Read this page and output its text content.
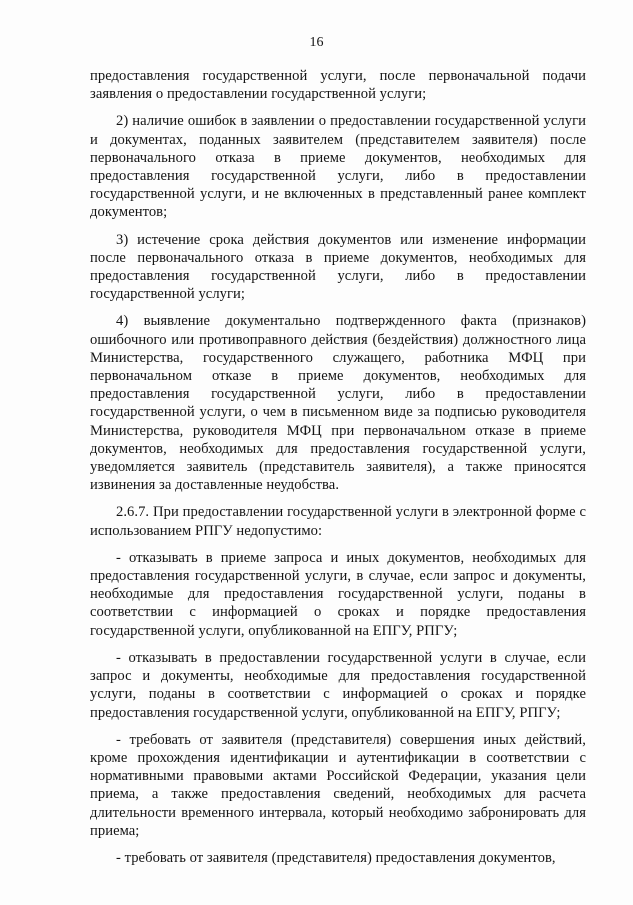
16

предоставления государственной услуги, после первоначальной подачи заявления о предоставлении государственной услуги;

2) наличие ошибок в заявлении о предоставлении государственной услуги и документах, поданных заявителем (представителем заявителя) после первоначального отказа в приеме документов, необходимых для предоставления государственной услуги, либо в предоставлении государственной услуги, и не включенных в представленный ранее комплект документов;

3) истечение срока действия документов или изменение информации после первоначального отказа в приеме документов, необходимых для предоставления государственной услуги, либо в предоставлении государственной услуги;

4) выявление документально подтвержденного факта (признаков) ошибочного или противоправного действия (бездействия) должностного лица Министерства, государственного служащего, работника МФЦ при первоначальном отказе в приеме документов, необходимых для предоставления государственной услуги, либо в предоставлении государственной услуги, о чем в письменном виде за подписью руководителя Министерства, руководителя МФЦ при первоначальном отказе в приеме документов, необходимых для предоставления государственной услуги, уведомляется заявитель (представитель заявителя), а также приносятся извинения за доставленные неудобства.

2.6.7. При предоставлении государственной услуги в электронной форме с использованием РПГУ недопустимо:

- отказывать в приеме запроса и иных документов, необходимых для предоставления государственной услуги, в случае, если запрос и документы, необходимые для предоставления государственной услуги, поданы в соответствии с информацией о сроках и порядке предоставления государственной услуги, опубликованной на ЕПГУ, РПГУ;

- отказывать в предоставлении государственной услуги в случае, если запрос и документы, необходимые для предоставления государственной услуги, поданы в соответствии с информацией о сроках и порядке предоставления государственной услуги, опубликованной на ЕПГУ, РПГУ;

- требовать от заявителя (представителя) совершения иных действий, кроме прохождения идентификации и аутентификации в соответствии с нормативными правовыми актами Российской Федерации, указания цели приема, а также предоставления сведений, необходимых для расчета длительности временного интервала, который необходимо забронировать для приема;

- требовать от заявителя (представителя) предоставления документов,
